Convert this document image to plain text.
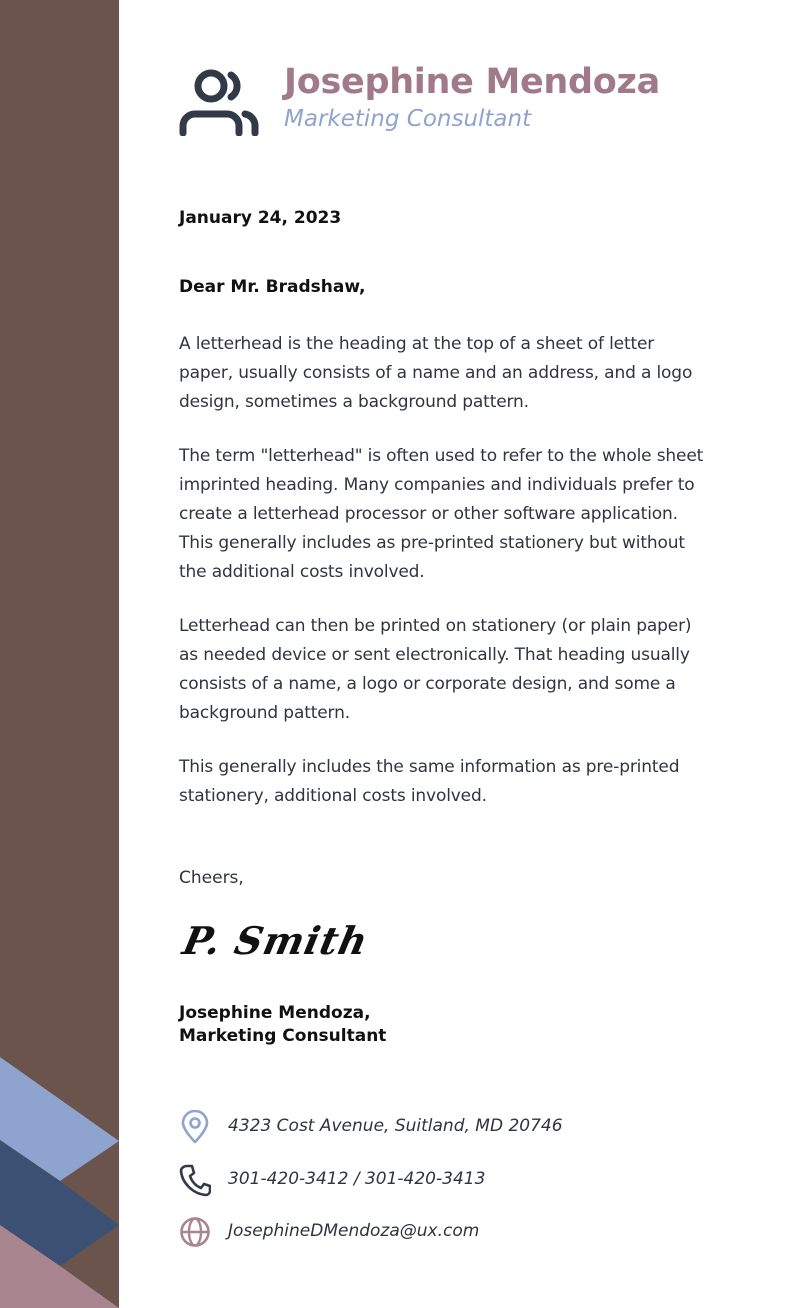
Josephine Mendoza
Marketing Consultant
January 24, 2023
Dear Mr. Bradshaw,

A letterhead is the heading at the top of a sheet of letter paper, usually consists of a name and an address, and a logo design, sometimes a background pattern.

The term "letterhead" is often used to refer to the whole sheet imprinted heading. Many companies and individuals prefer to create a letterhead processor or other software application. This generally includes as pre-printed stationery but without the additional costs involved.

Letterhead can then be printed on stationery (or plain paper) as needed device or sent electronically. That heading usually consists of a name, a logo or corporate design, and some a background pattern.

This generally includes the same information as pre-printed stationery, additional costs involved.

Cheers,
P. Smith
Josephine Mendoza,
Marketing Consultant
4323 Cost Avenue, Suitland, MD 20746
301-420-3412 / 301-420-3413
JosephineDMendoza@ux.com
